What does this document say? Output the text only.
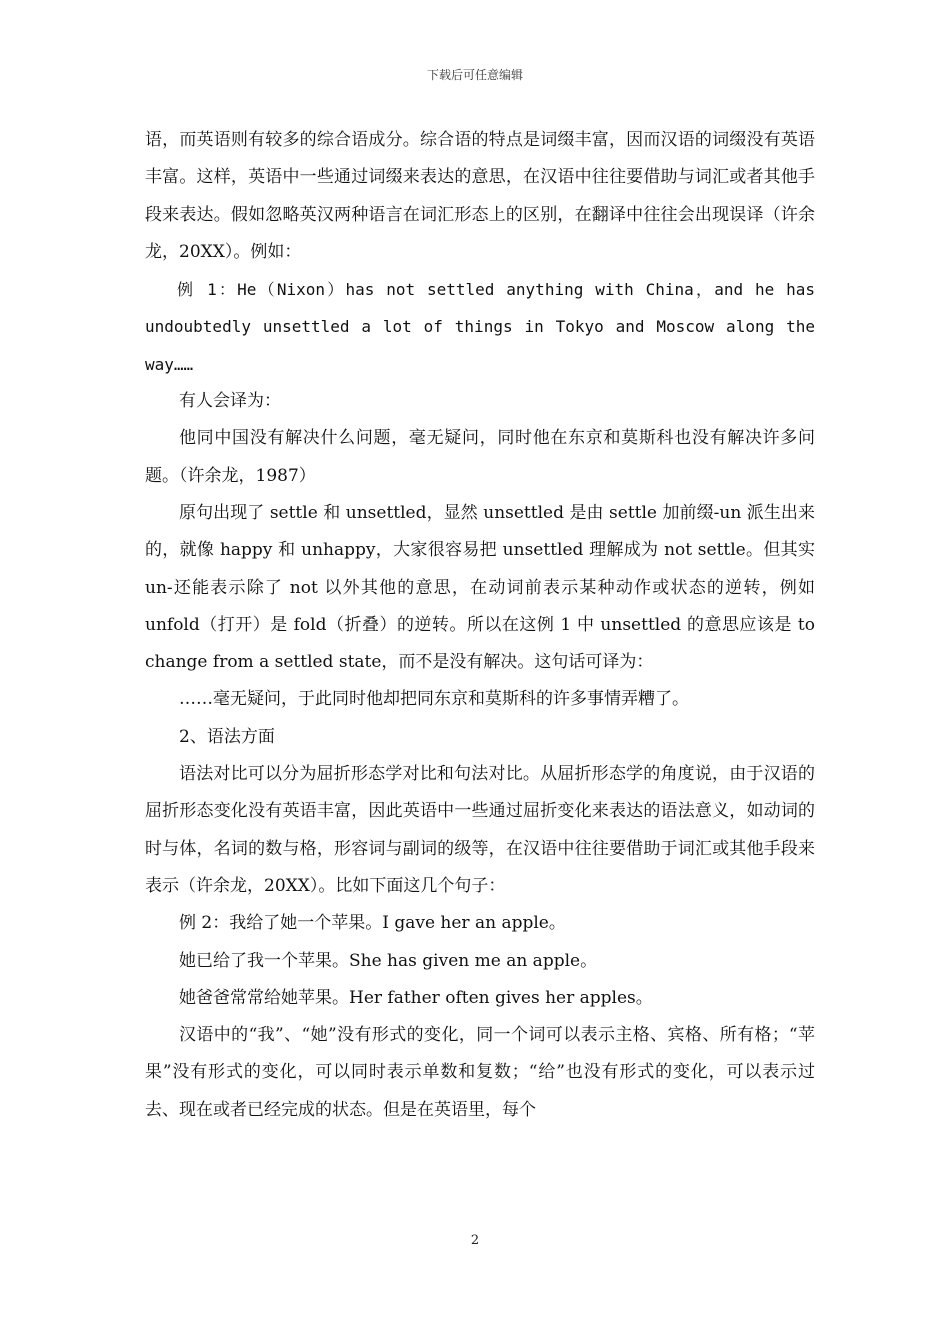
下载后可任意编辑

语，而英语则有较多的综合语成分。综合语的特点是词缀丰富，因而汉语的词缀没有英语丰富。这样，英语中一些通过词缀来表达的意思，在汉语中往往要借助与词汇或者其他手段来表达。假如忽略英汉两种语言在词汇形态上的区别，在翻译中往往会出现误译（许余龙，20XX）。例如：

例 1：He（Nixon）has not settled anything with China，and he has undoubtedly unsettled a lot of things in Tokyo and Moscow along the way……

有人会译为：

他同中国没有解决什么问题，毫无疑问，同时他在东京和莫斯科也没有解决许多问题。（许余龙，1987）

原句出现了 settle 和 unsettled，显然 unsettled 是由 settle 加前缀-un 派生出来的，就像 happy 和 unhappy，大家很容易把 unsettled 理解成为 not settle。但其实 un-还能表示除了 not 以外其他的意思，在动词前表示某种动作或状态的逆转，例如 unfold（打开）是 fold（折叠）的逆转。所以在这例 1 中 unsettled 的意思应该是 to change from a settled state，而不是没有解决。这句话可译为：

……毫无疑问，于此同时他却把同东京和莫斯科的许多事情弄糟了。

2、语法方面

语法对比可以分为屈折形态学对比和句法对比。从屈折形态学的角度说，由于汉语的屈折形态变化没有英语丰富，因此英语中一些通过屈折变化来表达的语法意义，如动词的时与体，名词的数与格，形容词与副词的级等，在汉语中往往要借助于词汇或其他手段来表示（许余龙，20XX）。比如下面这几个句子：

例 2：我给了她一个苹果。I gave her an apple。

她已给了我一个苹果。She has given me an apple。

她爸爸常常给她苹果。Her father often gives her apples。

汉语中的“我”、“她”没有形式的变化，同一个词可以表示主格、宾格、所有格；“苹果”没有形式的变化，可以同时表示单数和复数；“给”也没有形式的变化，可以表示过去、现在或者已经完成的状态。但是在英语里，每个

2
